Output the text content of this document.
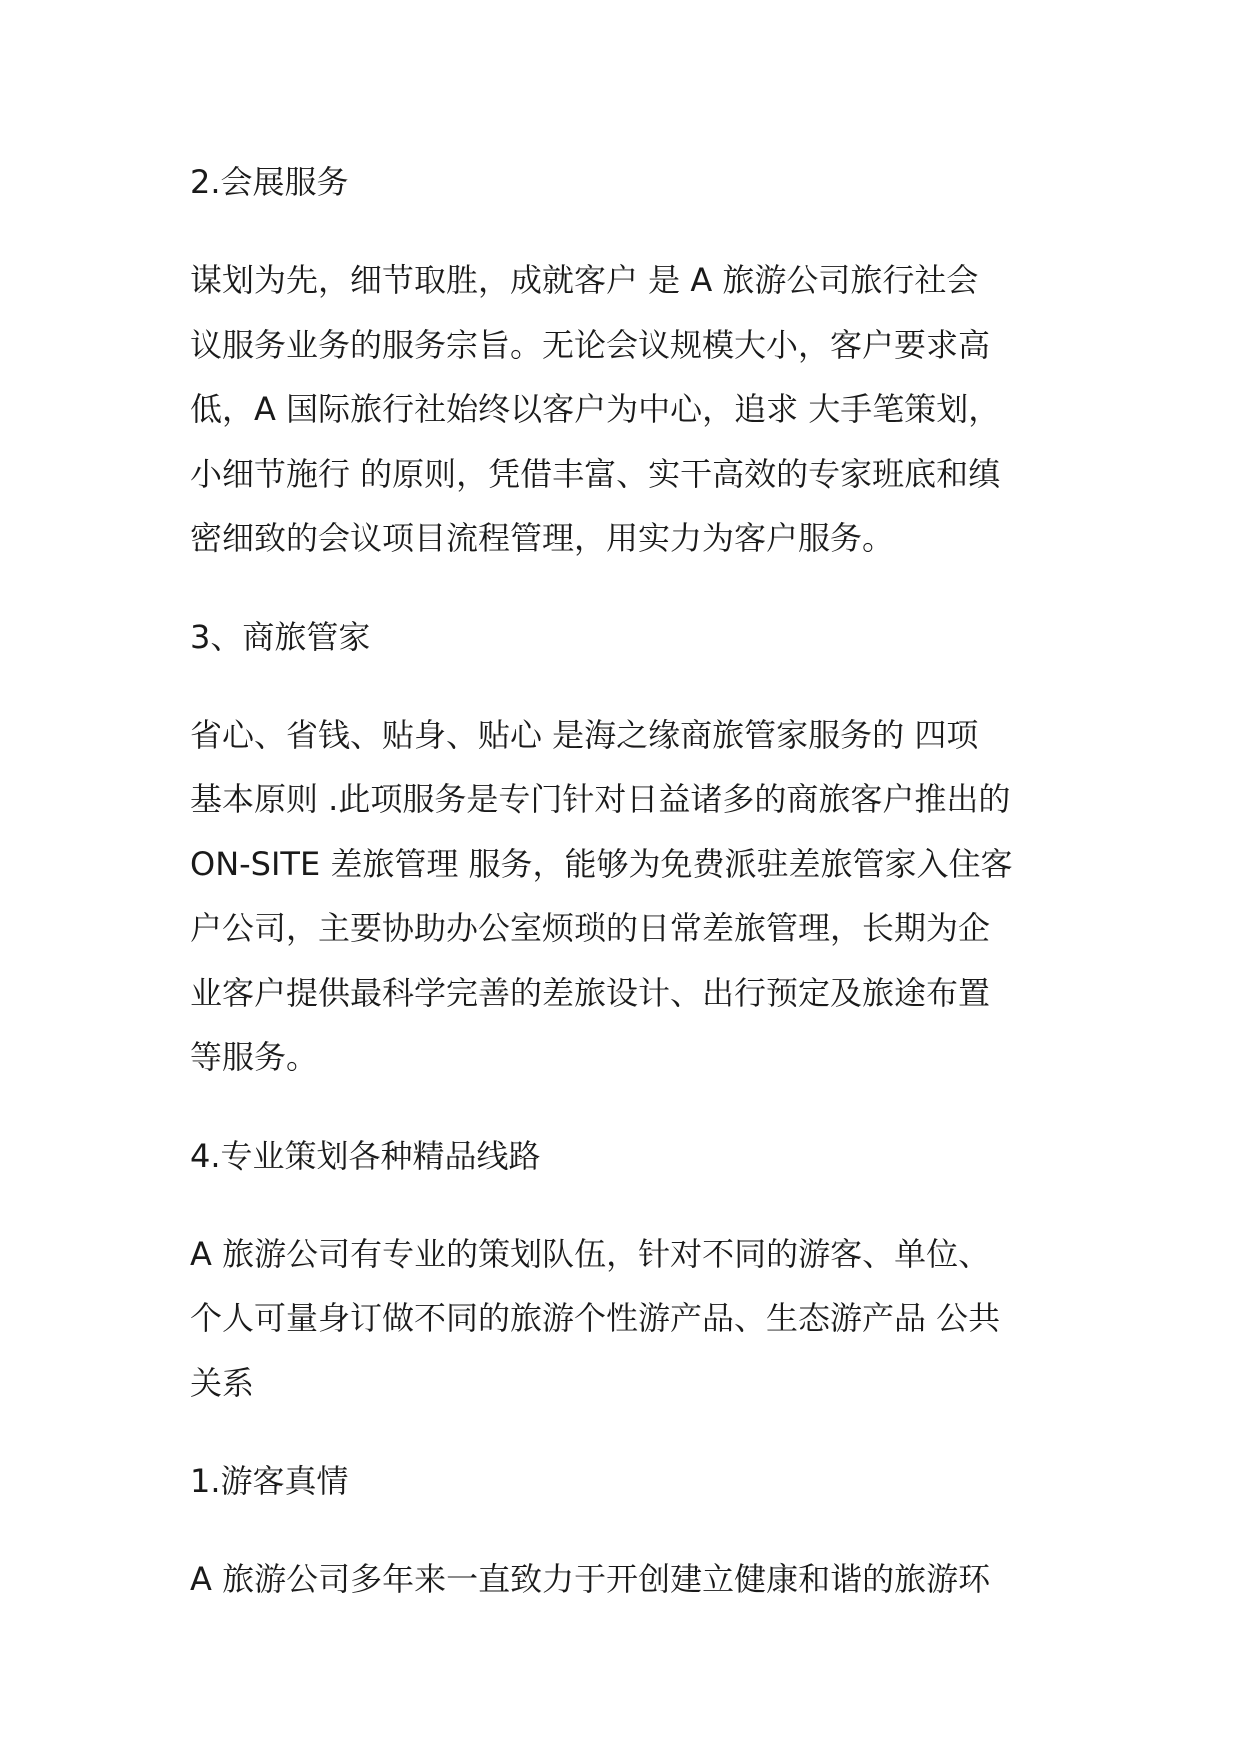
2.会展服务
谋划为先，细节取胜，成就客户 是 A 旅游公司旅行社会
议服务业务的服务宗旨。无论会议规模大小，客户要求高
低，A 国际旅行社始终以客户为中心，追求 大手笔策划，
小细节施行 的原则，凭借丰富、实干高效的专家班底和缜
密细致的会议项目流程管理，用实力为客户服务。
3、商旅管家
省心、省钱、贴身、贴心 是海之缘商旅管家服务的 四项
基本原则 .此项服务是专门针对日益诸多的商旅客户推出的
ON-SITE 差旅管理 服务，能够为免费派驻差旅管家入住客
户公司，主要协助办公室烦琐的日常差旅管理，长期为企
业客户提供最科学完善的差旅设计、出行预定及旅途布置
等服务。
4.专业策划各种精品线路
A 旅游公司有专业的策划队伍，针对不同的游客、单位、
个人可量身订做不同的旅游个性游产品、生态游产品 公共
关系
1.游客真情
A 旅游公司多年来一直致力于开创建立健康和谐的旅游环
